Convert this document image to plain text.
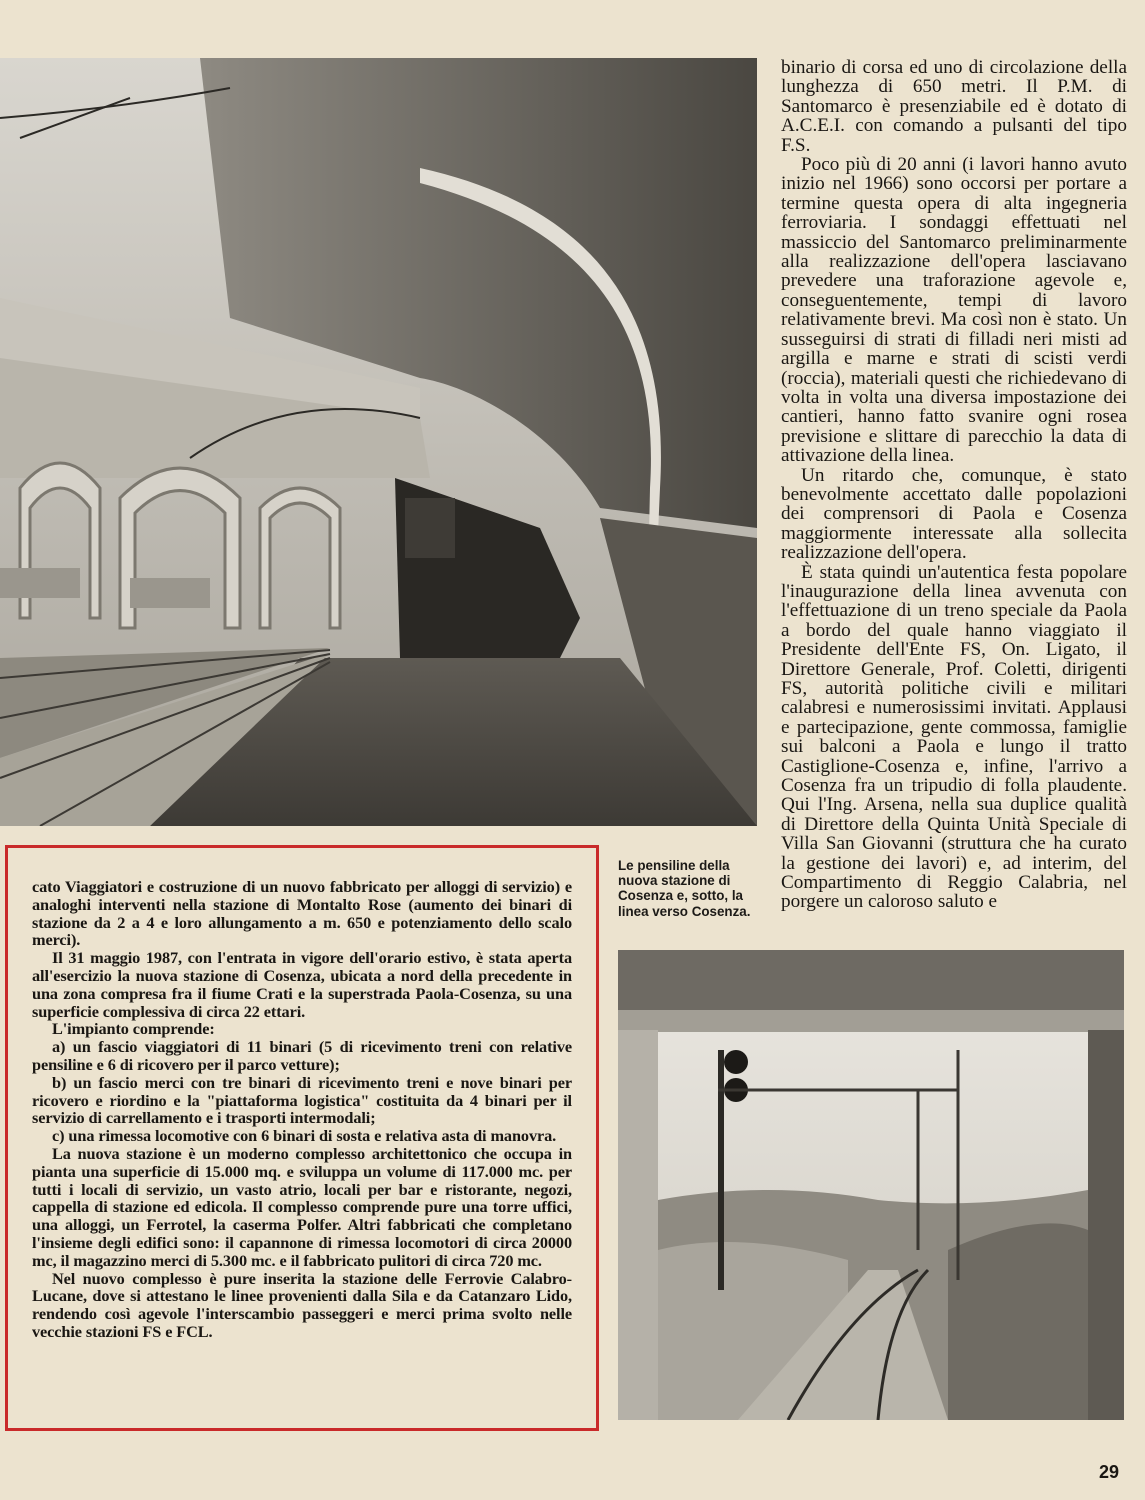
binario di corsa ed uno di circolazione della lunghezza di 650 metri. Il P.M. di Santomarco è presenziabile ed è dotato di A.C.E.I. con comando a pulsanti del tipo F.S.

Poco più di 20 anni (i lavori hanno avuto inizio nel 1966) sono occorsi per portare a termine questa opera di alta ingegneria ferroviaria. I sondaggi effettuati nel massiccio del Santomarco preliminarmente alla realizzazione dell'opera lasciavano prevedere una traforazione agevole e, conseguentemente, tempi di lavoro relativamente brevi. Ma così non è stato. Un susseguirsi di strati di filladi neri misti ad argilla e marne e strati di scisti verdi (roccia), materiali questi che richiedevano di volta in volta una diversa impostazione dei cantieri, hanno fatto svanire ogni rosea previsione e slittare di parecchio la data di attivazione della linea.

Un ritardo che, comunque, è stato benevolmente accettato dalle popolazioni dei comprensori di Paola e Cosenza maggiormente interessate alla sollecita realizzazione dell'opera.

È stata quindi un'autentica festa popolare l'inaugurazione della linea avvenuta con l'effettuazione di un treno speciale da Paola a bordo del quale hanno viaggiato il Presidente dell'Ente FS, On. Ligato, il Direttore Generale, Prof. Coletti, dirigenti FS, autorità politiche civili e militari calabresi e numerosissimi invitati. Applausi e partecipazione, gente commossa, famiglie sui balconi a Paola e lungo il tratto Castiglione-Cosenza e, infine, l'arrivo a Cosenza fra un tripudio di folla plaudente. Qui l'Ing. Arsena, nella sua duplice qualità di Direttore della Quinta Unità Speciale di Villa San Giovanni (struttura che ha curato la gestione dei lavori) e, ad interim, del Compartimento di Reggio Calabria, nel porgere un caloroso saluto e

Le pensiline della nuova stazione di Cosenza e, sotto, la linea verso Cosenza.

cato Viaggiatori e costruzione di un nuovo fabbricato per alloggi di servizio) e analoghi interventi nella stazione di Montalto Rose (aumento dei binari di stazione da 2 a 4 e loro allungamento a m. 650 e potenziamento dello scalo merci).

Il 31 maggio 1987, con l'entrata in vigore dell'orario estivo, è stata aperta all'esercizio la nuova stazione di Cosenza, ubicata a nord della precedente in una zona compresa fra il fiume Crati e la superstrada Paola-Cosenza, su una superficie complessiva di circa 22 ettari.

L'impianto comprende:

a) un fascio viaggiatori di 11 binari (5 di ricevimento treni con relative pensiline e 6 di ricovero per il parco vetture);

b) un fascio merci con tre binari di ricevimento treni e nove binari per ricovero e riordino e la "piattaforma logistica" costituita da 4 binari per il servizio di carrellamento e i trasporti intermodali;

c) una rimessa locomotive con 6 binari di sosta e relativa asta di manovra.

La nuova stazione è un moderno complesso architettonico che occupa in pianta una superficie di 15.000 mq. e sviluppa un volume di 117.000 mc. per tutti i locali di servizio, un vasto atrio, locali per bar e ristorante, negozi, cappella di stazione ed edicola. Il complesso comprende pure una torre uffici, una alloggi, un Ferrotel, la caserma Polfer. Altri fabbricati che completano l'insieme degli edifici sono: il capannone di rimessa locomotori di circa 20000 mc, il magazzino merci di 5.300 mc. e il fabbricato pulitori di circa 720 mc.

Nel nuovo complesso è pure inserita la stazione delle Ferrovie Calabro-Lucane, dove si attestano le linee provenienti dalla Sila e da Catanzaro Lido, rendendo così agevole l'interscambio passeggeri e merci prima svolto nelle vecchie stazioni FS e FCL.

29
